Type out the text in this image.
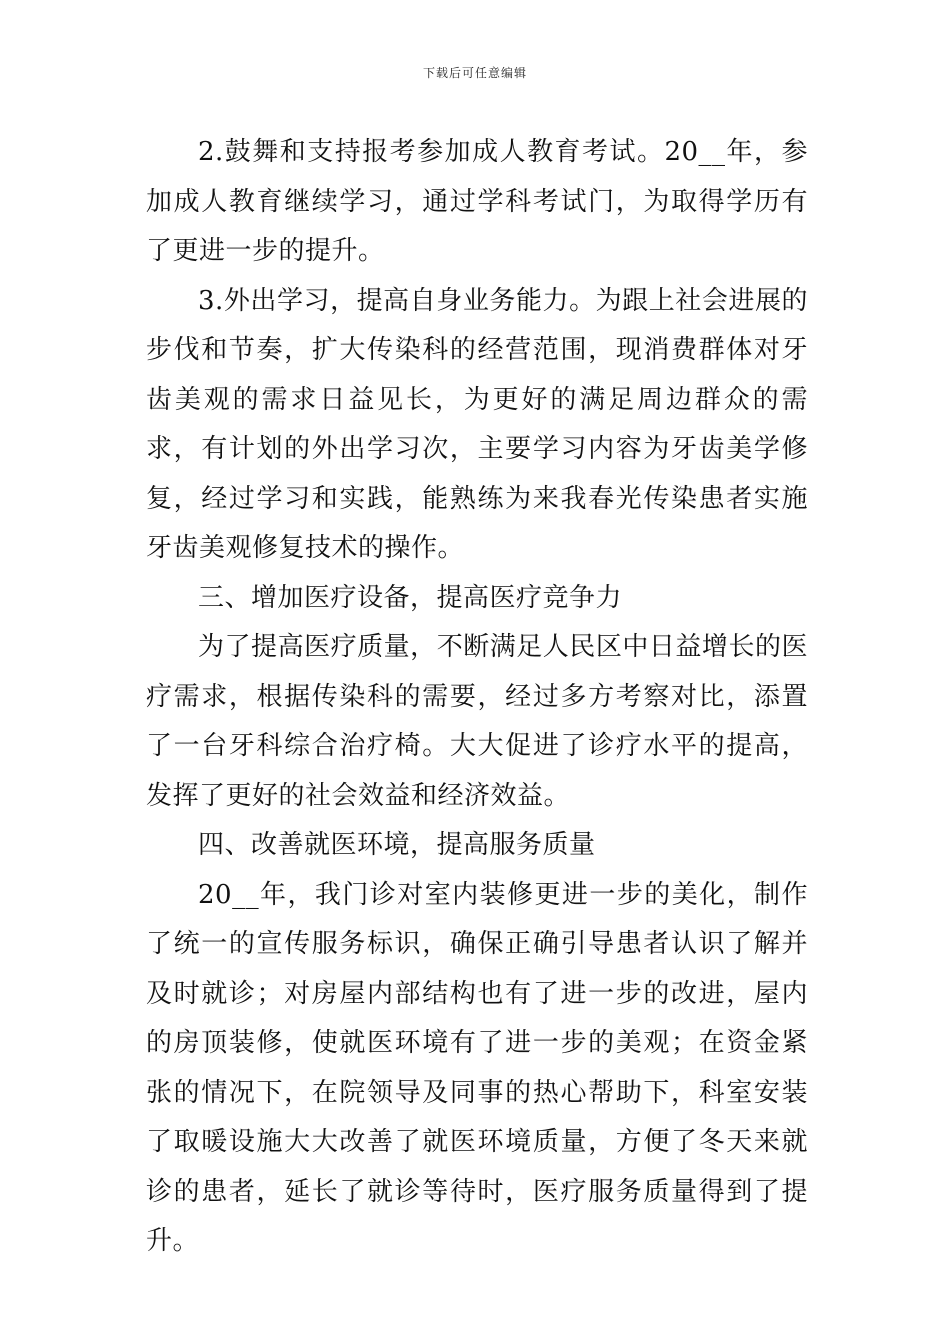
下载后可任意编辑

2.鼓舞和支持报考参加成人教育考试。20__年，参加成人教育继续学习，通过学科考试门，为取得学历有了更进一步的提升。

3.外出学习，提高自身业务能力。为跟上社会进展的步伐和节奏，扩大传染科的经营范围，现消费群体对牙齿美观的需求日益见长，为更好的满足周边群众的需求，有计划的外出学习次，主要学习内容为牙齿美学修复，经过学习和实践，能熟练为来我春光传染患者实施牙齿美观修复技术的操作。

三、增加医疗设备，提高医疗竞争力

为了提高医疗质量，不断满足人民区中日益增长的医疗需求，根据传染科的需要，经过多方考察对比，添置了一台牙科综合治疗椅。大大促进了诊疗水平的提高，发挥了更好的社会效益和经济效益。

四、改善就医环境，提高服务质量

20__年，我门诊对室内装修更进一步的美化，制作了统一的宣传服务标识，确保正确引导患者认识了解并及时就诊；对房屋内部结构也有了进一步的改进，屋内的房顶装修，使就医环境有了进一步的美观；在资金紧张的情况下，在院领导及同事的热心帮助下，科室安装了取暖设施大大改善了就医环境质量，方便了冬天来就诊的患者，延长了就诊等待时，医疗服务质量得到了提升。
